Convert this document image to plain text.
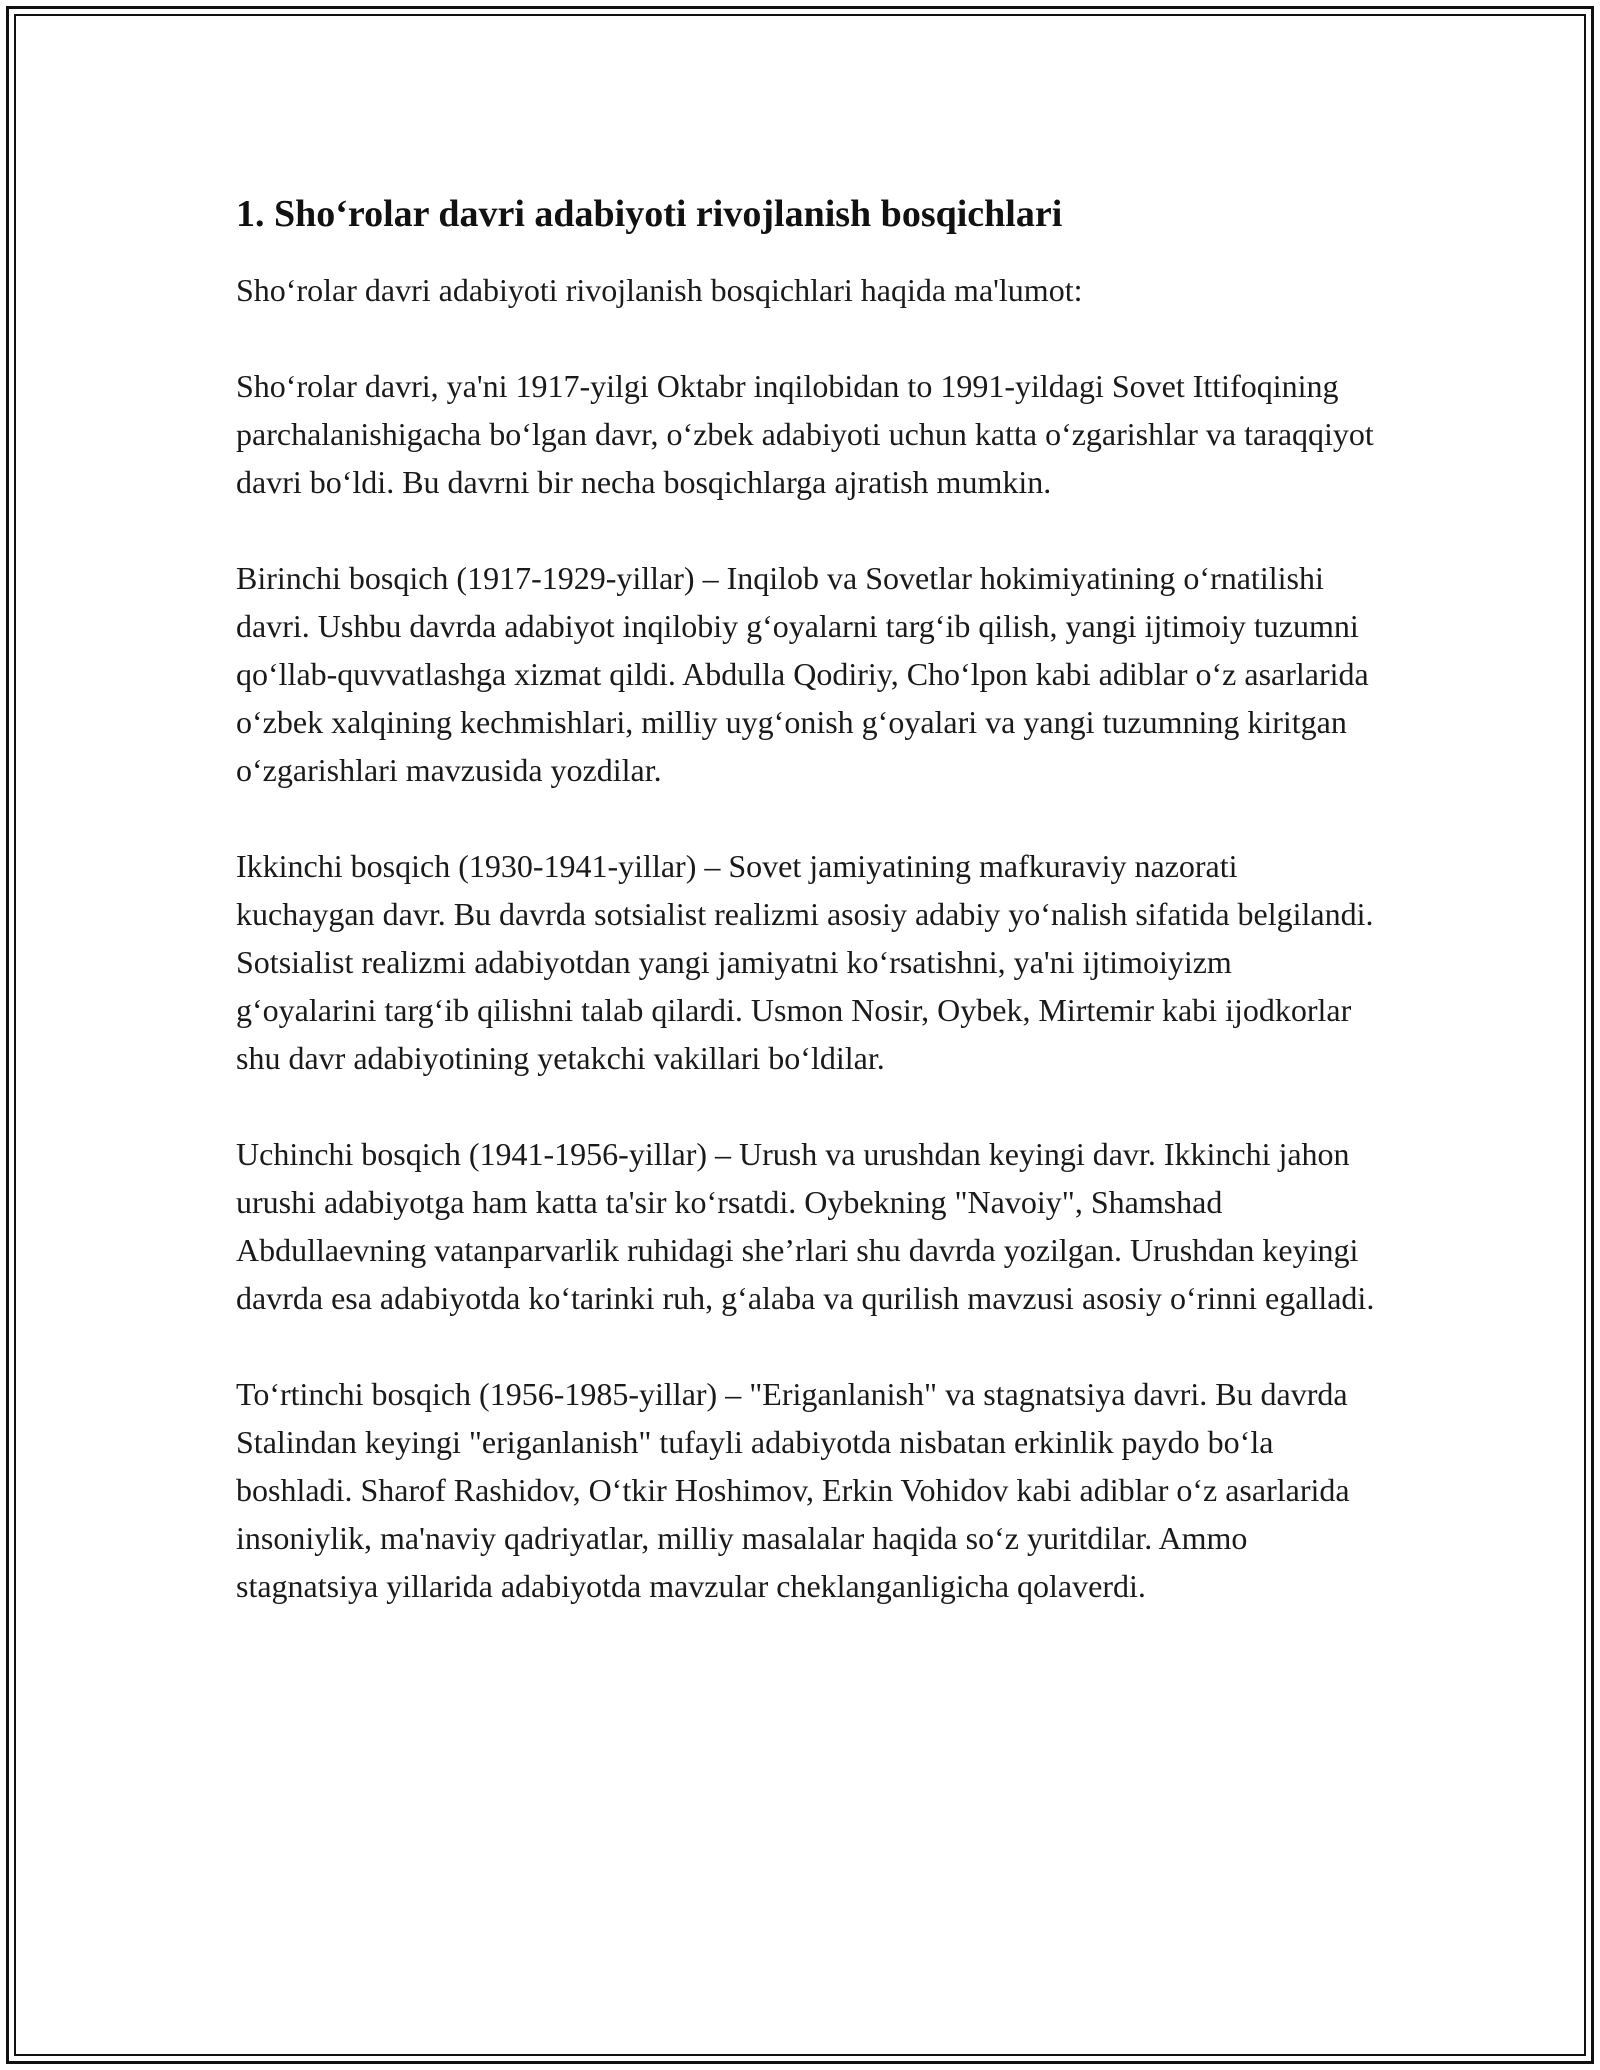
1. Sho‘rolar davri adabiyoti rivojlanish bosqichlari

Sho‘rolar davri adabiyoti rivojlanish bosqichlari haqida ma'lumot:

Sho‘rolar davri, ya'ni 1917-yilgi Oktabr inqilobidan to 1991-yildagi Sovet Ittifoqining parchalanishigacha bo‘lgan davr, o‘zbek adabiyoti uchun katta o‘zgarishlar va taraqqiyot davri bo‘ldi. Bu davrni bir necha bosqichlarga ajratish mumkin.

Birinchi bosqich (1917-1929-yillar) – Inqilob va Sovetlar hokimiyatining o‘rnatilishi davri. Ushbu davrda adabiyot inqilobiy g‘oyalarni targ‘ib qilish, yangi ijtimoiy tuzumni qo‘llab-quvvatlashga xizmat qildi. Abdulla Qodiriy, Cho‘lpon kabi adiblar o‘z asarlarida o‘zbek xalqining kechmishlari, milliy uyg‘onish g‘oyalari va yangi tuzumning kiritgan o‘zgarishlari mavzusida yozdilar.

Ikkinchi bosqich (1930-1941-yillar) – Sovet jamiyatining mafkuraviy nazorati kuchaygan davr. Bu davrda sotsialist realizmi asosiy adabiy yo‘nalish sifatida belgilandi. Sotsialist realizmi adabiyotdan yangi jamiyatni ko‘rsatishni, ya'ni ijtimoiyizm g‘oyalarini targ‘ib qilishni talab qilardi. Usmon Nosir, Oybek, Mirtemir kabi ijodkorlar shu davr adabiyotining yetakchi vakillari bo‘ldilar.

Uchinchi bosqich (1941-1956-yillar) – Urush va urushdan keyingi davr. Ikkinchi jahon urushi adabiyotga ham katta ta'sir ko‘rsatdi. Oybekning "Navoiy", Shamshad Abdullaevning vatanparvarlik ruhidagi she’rlari shu davrda yozilgan. Urushdan keyingi davrda esa adabiyotda ko‘tarinki ruh, g‘alaba va qurilish mavzusi asosiy o‘rinni egalladi.

To‘rtinchi bosqich (1956-1985-yillar) – "Eriganlanish" va stagnatsiya davri. Bu davrda Stalindan keyingi "eriganlanish" tufayli adabiyotda nisbatan erkinlik paydo bo‘la boshladi. Sharof Rashidov, O‘tkir Hoshimov, Erkin Vohidov kabi adiblar o‘z asarlarida insoniylik, ma'naviy qadriyatlar, milliy masalalar haqida so‘z yuritdilar. Ammo stagnatsiya yillarida adabiyotda mavzular cheklanganligicha qolaverdi.
